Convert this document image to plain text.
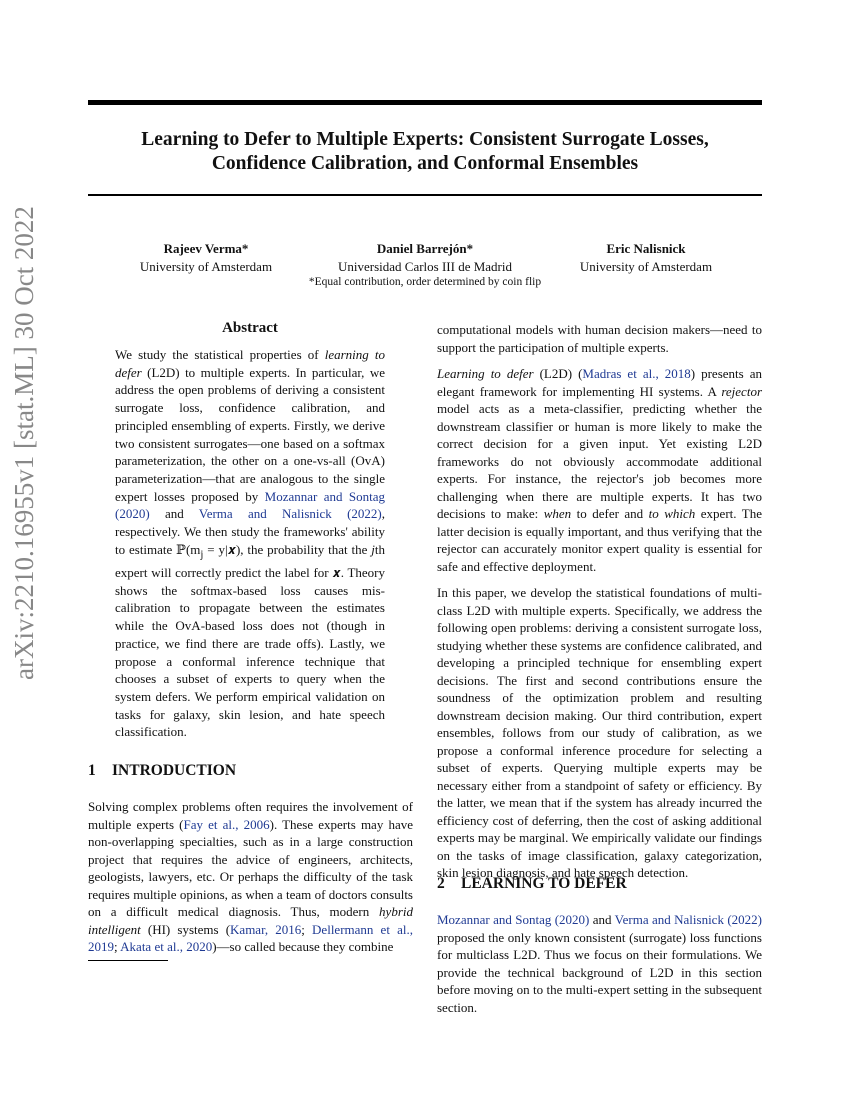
arXiv:2210.16955v1 [stat.ML] 30 Oct 2022
Learning to Defer to Multiple Experts: Consistent Surrogate Losses,
Confidence Calibration, and Conformal Ensembles
Rajeev Verma*
University of Amsterdam
Daniel Barrejón*
Universidad Carlos III de Madrid
Eric Nalisnick
University of Amsterdam
*Equal contribution, order determined by coin flip
Abstract

We study the statistical properties of learning to defer (L2D) to multiple experts. In particular, we address the open problems of deriving a consistent surrogate loss, confidence calibration, and principled ensembling of experts. Firstly, we derive two consistent surrogates—one based on a softmax parameterization, the other on a one-vs-all (OvA) parameterization—that are analogous to the single expert losses proposed by Mozannar and Sontag (2020) and Verma and Nalisnick (2022), respectively. We then study the frameworks' ability to estimate $ℙ(m_j$ = y|𝒙), the probability that the jth expert will correctly predict the label for 𝒙. Theory shows the softmax-based loss causes mis-calibration to propagate between the estimates while the OvA-based loss does not (though in practice, we find there are trade offs). Lastly, we propose a conformal inference technique that chooses a subset of experts to query when the system defers. We perform empirical validation on tasks for galaxy, skin lesion, and hate speech classification.

1 INTRODUCTION

Solving complex problems often requires the involvement of multiple experts (Fay et al., 2006). These experts may have non-overlapping specialties, such as in a large construction project that requires the advice of engineers, architects, geologists, lawyers, etc. Or perhaps the difficulty of the task requires multiple opinions, as when a team of doctors consults on a difficult medical diagnosis. Thus, modern hybrid intelligent (HI) systems (Kamar, 2016; Dellermann et al., 2019; Akata et al., 2020)—so called because they combine

computational models with human decision makers—need to support the participation of multiple experts.

Learning to defer (L2D) (Madras et al., 2018) presents an elegant framework for implementing HI systems. A rejector model acts as a meta-classifier, predicting whether the downstream classifier or human is more likely to make the correct decision for a given input. Yet existing L2D frameworks do not obviously accommodate additional experts. For instance, the rejector's job becomes more challenging when there are multiple experts. It has two decisions to make: when to defer and to which expert. The latter decision is equally important, and thus verifying that the rejector can accurately monitor expert quality is essential for safe and effective deployment.

In this paper, we develop the statistical foundations of multi-class L2D with multiple experts. Specifically, we address the following open problems: deriving a consistent surrogate loss, studying whether these systems are confidence calibrated, and developing a principled technique for ensembling expert decisions. The first and second contributions ensure the soundness of the optimization problem and resulting downstream decision making. Our third contribution, expert ensembles, follows from our study of calibration, as we propose a conformal inference procedure for selecting a subset of experts. Querying multiple experts may be necessary either from a standpoint of safety or efficiency. By the latter, we mean that if the system has already incurred the efficiency cost of deferring, then the cost of asking additional experts may be marginal. We empirically validate our findings on the tasks of image classification, galaxy categorization, skin lesion diagnosis, and hate speech detection.

2 LEARNING TO DEFER

Mozannar and Sontag (2020) and Verma and Nalisnick (2022) proposed the only known consistent (surrogate) loss functions for multiclass L2D. Thus we focus on their formulations. We provide the technical background of L2D in this section before moving on to the multi-expert setting in the subsequent section.
